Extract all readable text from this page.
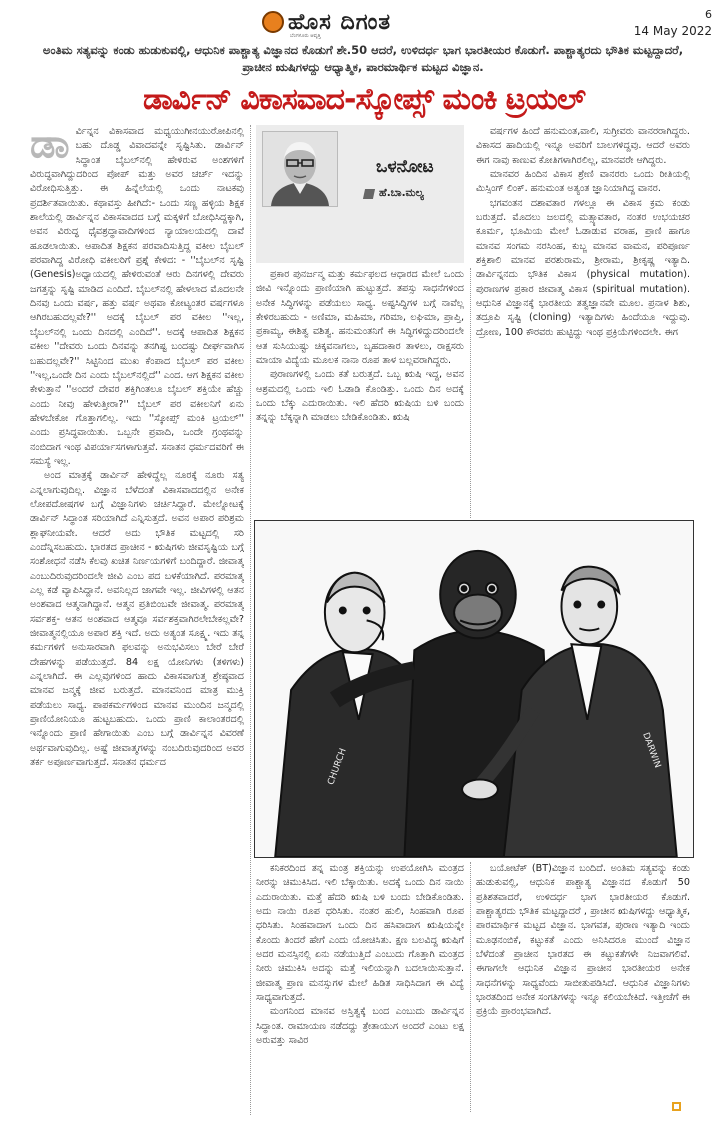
ಹೊಸ ದಿಗಂತ
ಬೆಂಗಳೂರು ಆವೃತ್ತಿ
6
14 May 2022
ಅಂತಿಮ ಸತ್ಯವನ್ನು ಕಂಡು ಹುಡುಕುವಲ್ಲಿ, ಆಧುನಿಕ ಪಾಶ್ಚಾತ್ಯ ವಿಜ್ಞಾನದ ಕೊಡುಗೆ ಶೇ.50 ಆದರೆ, ಉಳಿದರ್ಧ ಭಾಗ ಭಾರತೀಯರ ಕೊಡುಗೆ. ಪಾಶ್ಚಾತ್ಯರದು ಭೌತಿಕ ಮಟ್ಟದ್ದಾದರೆ, ಪ್ರಾಚೀನ ಋಷಿಗಳದ್ದು ಆಧ್ಯಾತ್ಮಿಕ, ಪಾರಮಾರ್ಥಿಕ ಮಟ್ಟದ ವಿಜ್ಞಾನ.
ಡಾರ್ವಿನ್ ವಿಕಾಸವಾದ-ಸ್ಕೋಪ್ಸ್ ಮಂಕಿ ಟ್ರಯಲ್
ಡಾ ರ್ವಿನ್ನನ ವಿಕಾಸವಾದ ಮಧ್ಯಯುಗೀನಯುರೋಪಿನಲ್ಲಿ ಬಹು ದೊಡ್ಡ ವಿವಾದವನ್ನೇ ಸೃಷ್ಟಿಸಿತು. ಡಾರ್ವಿನ್ ಸಿದ್ಧಾಂತ ಬೈಬಲ್‌ನಲ್ಲಿ ಹೇಳಿರುವ ಅಂಶಗಳಿಗೆ ವಿರುದ್ಧವಾಗಿದ್ದುದರಿಂದ ಪೋಪ್ ಮತ್ತು ಅವರ ಚರ್ಚ್ ಇದನ್ನು ವಿರೋಧಿಸುತ್ತಿತ್ತು. ಈ ಹಿನ್ನೆಲೆಯಲ್ಲಿ ಒಂದು ನಾಟಕವು ಪ್ರದರ್ಶಿತವಾಯಿತು. ಕಥಾವಸ್ತು ಹೀಗಿದೆ:- ಒಂದು ಸಣ್ಣ ಹಳ್ಳಿಯ ಶಿಕ್ಷಕ ಶಾಲೆಯಲ್ಲಿ ಡಾರ್ವಿನ್ನನ ವಿಕಾಸವಾದದ ಬಗ್ಗೆ ಮಕ್ಕಳಿಗೆ ಬೋಧಿಸಿದ್ದಕ್ಕಾಗಿ, ಅವನ ವಿರುದ್ಧ ಧೈವಶ್ರದ್ಧಾವಾದಿಗಳಿಂದ ನ್ಯಾಯಾಲಯದಲ್ಲಿ ದಾವೆ ಹೂಡಲಾಯಿತು. ಆಪಾದಿತ ಶಿಕ್ಷಕನ ಪರವಾದಿಸುತ್ತಿದ್ದ ವಕೀಲ ಬೈಬಲ್ ಪರವಾಗಿದ್ದ ವಿರೋಧಿ ವಕೀಲರಿಗೆ ಪ್ರಶ್ನೆ ಕೇಳಿದ: - ''ಬೈಬಲ್‌ನ ಸೃಷ್ಟಿ (Genesis)ಅಧ್ಯಾಯದಲ್ಲಿ ಹೇಳಿರುವಂತೆ ಆರು ದಿನಗಳಲ್ಲಿ ದೇವರು ಜಗತ್ತನ್ನು ಸೃಷ್ಟಿ ಮಾಡಿದ ಎಂದಿದೆ. ಬೈಬಲ್‌ನಲ್ಲಿ ಹೇಳಲಾದ ಮೊದಲನೇ ದಿನವು ಒಂದು ವರ್ಷ, ಹತ್ತು ವರ್ಷ ಅಥವಾ ಕೋಟ್ಯಂತರ ವರ್ಷಗಳೂ ಆಗಿರಬಹುದಲ್ಲವೇ?'' ಅದಕ್ಕೆ ಬೈಬಲ್ ಪರ ವಕೀಲ ''ಇಲ್ಲ, ಬೈಬಲ್‌ನಲ್ಲಿ ಒಂದು ದಿನದಲ್ಲಿ ಎಂದಿದೆ''. ಅದಕ್ಕೆ ಆಪಾದಿತ ಶಿಕ್ಷಕನ ವಕೀಲ ''ದೇವರು ಒಂದು ದಿನವನ್ನು ತನಗಿಷ್ಟ ಬಂದಷ್ಟು ದೀರ್ಘವಾಗಿಸ ಬಹುದಲ್ಲವೇ?'' ಸಿಟ್ಟಿನಿಂದ ಮುಖ ಕೆಂಪಾದ ಬೈಬಲ್ ಪರ ವಕೀಲ ''ಇಲ್ಲ,ಒಂದೇ ದಿನ ಎಂದು ಬೈಬಲ್‌ನಲ್ಲಿದೆ'' ಎಂದ. ಆಗ ಶಿಕ್ಷಕನ ವಕೀಲ ಕೇಳುತ್ತಾನೆ ''ಅಂದರೆ ದೇವರ ಶಕ್ತಿಗಿಂತಲೂ ಬೈಬಲ್ ಶಕ್ತಿಯೇ ಹೆಚ್ಚು ಎಂದು ನೀವು ಹೇಳುತ್ತೀರಾ?'' ಬೈಬಲ್ ಪರ ವಕೀಲನಿಗೆ ಏನು ಹೇಳಬೇಕೋ ಗೊತ್ತಾಗಲಿಲ್ಲ. ಇದು ''ಸ್ಕೋಪ್ಸ್ ಮಂಕಿ ಟ್ರಯಲ್'' ಎಂದು ಪ್ರಸಿದ್ಧವಾಯಿತು. ಒಬ್ಬನೇ ಪ್ರವಾದಿ, ಒಂದೇ ಗ್ರಂಥವನ್ನು ನಂಬಿದಾಗ ಇಂಥ ವಿಪರ್ಯಾಸಗಳಾಗುತ್ತವೆ. ಸನಾತನ ಧರ್ಮದವರಿಗೆ ಈ ಸಮಸ್ಯೆ ಇಲ್ಲ.

ಅಂದ ಮಾತ್ರಕ್ಕೆ ಡಾರ್ವಿನ್ ಹೇಳಿದ್ದೆಲ್ಲ ನೂರಕ್ಕೆ ನೂರು ಸತ್ಯ ಎನ್ನಲಾಗುವುದಿಲ್ಲ. ವಿಜ್ಞಾನ ಬೆಳೆದಂತೆ ವಿಕಾಸವಾದದಲ್ಲಿನ ಅನೇಕ ಲೋಪದೋಷಗಳ ಬಗ್ಗೆ ವಿಜ್ಞಾನಿಗಳು ಚರ್ಚಿಸಿದ್ದಾರೆ. ಮೇಲ್ನೋಟಕ್ಕೆ ಡಾರ್ವಿನ್ ಸಿದ್ಧಾಂತ ಸರಿಯಾಗಿದೆ ಎನ್ನಿಸುತ್ತದೆ. ಅವನ ಅಪಾರ ಪರಿಶ್ರಮ ಶ್ಲಾಘನೀಯವೇ. ಆದರೆ ಅದು ಭೌತಿಕ ಮಟ್ಟದಲ್ಲಿ ಸರಿ ಎಂದೆನ್ನಿಸಬಹುದು. ಭಾರತದ ಪ್ರಾಚೀನ - ಋಷಿಗಳು ಜೀವಸೃಷ್ಟಿಯ ಬಗ್ಗೆ ಸಂಶೋಧನೆ ನಡೆಸಿ ಕೆಲವು ಖಚಿತ ನಿರ್ಣಯಗಳಿಗೆ ಬಂದಿದ್ದಾರೆ. ಜೀವಾತ್ಮ ಎಂಬುದಿರುವುದರಿಂದಲೇ ಜೀವಿ ಎಂಬ ಪದ ಬಳಕೆಯಾಗಿದೆ. ಪರಮಾತ್ಮ ಎಲ್ಲ ಕಡೆ ವ್ಯಾಪಿಸಿದ್ದಾನೆ. ಅವನಿಲ್ಲದ ಜಾಗವೇ ಇಲ್ಲ. ಜೀವಿಗಳಲ್ಲಿ ಆತನ ಅಂಶವಾದ ಆತ್ಮನಾಗಿದ್ದಾನೆ. ಆತ್ಮನ ಪ್ರತಿಬಿಂಬವೇ ಜೀವಾತ್ಮ. ಪರಮಾತ್ಮ ಸರ್ವಶಕ್ತ- ಆತನ ಅಂಶವಾದ ಆತ್ಮವೂ ಸರ್ವಶಕ್ತವಾಗಿರಲೇಬೇಕಲ್ಲವೇ? ಜೀವಾತ್ಮನಲ್ಲಿಯೂ ಅಪಾರ ಶಕ್ತಿ ಇದೆ. ಅದು ಅತ್ಯಂತ ಸೂಕ್ಷ್ಮ. ಇದು ತನ್ನ ಕರ್ಮಗಳಿಗೆ ಅನುಸಾರವಾಗಿ ಫಲವನ್ನು ಅನುಭವಿಸಲು ಬೇರೆ ಬೇರೆ ದೇಹಗಳನ್ನು ಪಡೆಯುತ್ತದೆ. 84 ಲಕ್ಷ ಯೋನಿಗಳು (ತಳಿಗಳು) ಎನ್ನಲಾಗಿದೆ. ಈ ಎಲ್ಲವುಗಳಿಂದ ಹಾದು ವಿಕಾಸವಾಗುತ್ತ ಶ್ರೇಷ್ಠವಾದ ಮಾನವ ಜನ್ಮಕ್ಕೆ ಜೀವ ಬರುತ್ತದೆ. ಮಾನವನಿಂದ ಮಾತ್ರ ಮುಕ್ತಿ ಪಡೆಯಲು ಸಾಧ್ಯ. ಪಾಪಕರ್ಮಗಳಿಂದ ಮಾನವ ಮುಂದಿನ ಜನ್ಮದಲ್ಲಿ ಪ್ರಾಣಿಯೋನಿಯೂ ಹುಟ್ಟಬಹುದು. ಒಂದು ಪ್ರಾಣಿ ಕಾಲಾಂತರದಲ್ಲಿ ಇನ್ನೊಂದು ಪ್ರಾಣಿ ಹೇಗಾಯಿತು ಎಂಬ ಬಗ್ಗೆ ಡಾರ್ವಿನ್ನನ ವಿವರಣೆ ಅರ್ಥವಾಗುವುದಿಲ್ಲ. ಅಷ್ಟೆ ಜೀವಾತ್ಮಗಳನ್ನು ನಂಬದಿರುವುದರಿಂದ ಅವರ ತರ್ಕ ಅಪೂರ್ಣವಾಗುತ್ತದೆ. ಸನಾತನ ಧರ್ಮದ

ಒಳನೋಟ
ಹೆ.ಬಾ.ಮಲ್ಯ

ಪ್ರಕಾರ ಪುನರ್ಜನ್ಮ ಮತ್ತು ಕರ್ಮಫಲದ ಆಧಾರದ ಮೇಲೆ ಒಂದು ಜೀವಿ ಇನ್ನೊಂದು ಪ್ರಾಣಿಯಾಗಿ ಹುಟ್ಟುತ್ತದೆ. ತಪಸ್ಸು ಸಾಧನೆಗಳಿಂದ ಅನೇಕ ಸಿದ್ಧಿಗಳನ್ನು ಪಡೆಯಲು ಸಾಧ್ಯ. ಅಷ್ಟಸಿದ್ಧಿಗಳ ಬಗ್ಗೆ ನಾವೆಲ್ಲ ಕೇಳಿರಬಹುದು - ಅಣಿಮಾ, ಮಹಿಮಾ, ಗರಿಮಾ, ಲಘಿಮಾ, ಪ್ರಾಪ್ತಿ, ಪ್ರಕಾಮ್ಯ, ಈಶಿತ್ವ ವಶಿತ್ವ. ಹನುಮಂತನಿಗೆ ಈ ಸಿದ್ಧಿಗಳಿದ್ದುದರಿಂದಲೇ ಆತ ಸುಸಿಯುಷ್ಟು ಚಿಕ್ಕವನಾಗಲು, ಬೃಹದಾಕಾರ ತಾಳಲು, ರಾಕ್ಷಸರು ಮಾಯಾ ವಿದ್ಯೆಯ ಮೂಲಕ ನಾನಾ ರೂಪ ತಾಳ ಬಲ್ಲವರಾಗಿದ್ದರು.

ಪುರಾಣಗಳಲ್ಲಿ ಒಂದು ಕತೆ ಬರುತ್ತದೆ. ಒಬ್ಬ ಋಷಿ ಇದ್ದ, ಅವನ ಆಶ್ರಮದಲ್ಲಿ ಒಂದು ಇಲಿ ಓಡಾಡಿ ಕೊಂಡಿತ್ತು. ಒಂದು ದಿನ ಅದಕ್ಕೆ ಒಂದು ಬೆಕ್ಕು ಎದುರಾಯಿತು. ಇಲಿ ಹೆದರಿ ಋಷಿಯ ಬಳಿ ಬಂದು ತನ್ನನ್ನು ಬೆಕ್ಕನ್ನಾಗಿ ಮಾಡಲು ಬೇಡಿಕೊಂಡಿತು. ಋಷಿ

ವರ್ಷಗಳ ಹಿಂದೆ ಹನುಮಂತ,ವಾಲಿ, ಸುಗ್ರೀವರು ವಾನರರಾಗಿದ್ದರು. ವಿಕಾಸದ ಹಾದಿಯಲ್ಲಿ ಇನ್ನೂ ಅವರಿಗೆ ಬಾಲಗಳಿದ್ದವು. ಆದರೆ ಅವರು ಈಗ ನಾವು ಕಾಣುವ ಕೋತಿಗಳಾಗಿರಲಿಲ್ಲ, ಮಾನವರೇ ಆಗಿದ್ದರು.

ಮಾನವರ ಹಿಂದಿನ ವಿಕಾಸ ಶ್ರೇಣಿ ವಾನರರು ಒಂದು ರೀತಿಯಲ್ಲಿ ಮಿಸ್ಸಿಂಗ್ ಲಿಂಕ್. ಹನುಮಂತ ಅತ್ಯಂತ ಜ್ಞಾನಿಯಾಗಿದ್ದ ವಾನರ.

ಭಗವಂತನ ದಶಾವತಾರ ಗಳಲ್ಲೂ ಈ ವಿಕಾಸ ಕ್ರಮ ಕಂಡು ಬರುತ್ತದೆ. ಮೊದಲು ಜಲದಲ್ಲಿ ಮತ್ಸ್ಯಾವತಾರ, ನಂತರ ಉಭಯಚರ ಕೂರ್ಮ, ಭೂಮಿಯ ಮೇಲೆ ಓಡಾಡುವ ವರಾಹ, ಪ್ರಾಣಿ ಹಾಗೂ ಮಾನವ ಸಂಗಮ ನರಸಿಂಹ, ಕುಬ್ಜ ಮಾನವ ವಾಮನ, ಪರಿಪೂರ್ಣ ಶಕ್ತಿಶಾಲಿ ಮಾನವ ಪರಶುರಾಮ, ಶ್ರೀರಾಮ, ಶ್ರೀಕೃಷ್ಣ ಇತ್ಯಾದಿ. ಡಾರ್ವಿನ್ನನದು ಭೌತಿಕ ವಿಕಾಸ (physical mutation). ಪುರಾಣಗಳ ಪ್ರಕಾರ ಜೀವಾತ್ಮ ವಿಕಾಸ (spiritual mutation). ಆಧುನಿಕ ವಿಜ್ಞಾನಕ್ಕೆ ಭಾರತೀಯ ತತ್ವಜ್ಞಾನವೇ ಮೂಲ. ಪ್ರನಾಳ ಶಿಶು, ತದ್ರೂಪಿ ಸೃಷ್ಟಿ (cloning) ಇತ್ಯಾದಿಗಳು ಹಿಂದೆಯೂ ಇದ್ದುವು. ದ್ರೋಣ, 100 ಕೌರವರು ಹುಟ್ಟಿದ್ದು ಇಂಥ ಪ್ರಕ್ರಿಯೆಗಳಿಂದಲೇ. ಈಗ

CHURCH	DARWIN

ಕನಿಕರದಿಂದ ತನ್ನ ಮಂತ್ರ ಶಕ್ತಿಯನ್ನು ಉಪಯೋಗಿಸಿ ಮಂತ್ರದ ನೀರನ್ನು ಚಿಮುಕಿಸಿದ. ಇಲಿ ಬೆಕ್ಕಾಯಿತು. ಅದಕ್ಕೆ ಒಂದು ದಿನ ನಾಯಿ ಎದುರಾಯಿತು. ಮತ್ತೆ ಹೆದರಿ ಋಷಿ ಬಳಿ ಬಂದು ಬೇಡಿಕೊಂಡಿತು. ಅದು ನಾಯಿ ರೂಪ ಧರಿಸಿತು. ನಂತರ ಹುಲಿ, ಸಿಂಹವಾಗಿ ರೂಪ ಧರಿಸಿತು. ಸಿಂಹವಾದಾಗ ಒಂದು ದಿನ ಹಸಿವಾದಾಗ ಋಷಿಯನ್ನೇ ಕೊಂದು ತಿಂದರೆ ಹೇಗೆ ಎಂದು ಯೋಚಿಸಿತು. ಕ್ಷಣ ಬಲವಿದ್ದ ಋಷಿಗೆ ಅದರ ಮನಸ್ಸಿನಲ್ಲಿ ಏನು ನಡೆಯುತ್ತಿದೆ ಎಂಬುದು ಗೊತ್ತಾಗಿ ಮಂತ್ರದ ನೀರು ಚಿಮುಕಿಸಿ ಅದನ್ನು ಮತ್ತೆ ಇಲಿಯನ್ನಾಗಿ ಬದಲಾಯಿಸುತ್ತಾನೆ. ಜೀವಾತ್ಮ ಪ್ರಾಣ ಮನಸ್ಸುಗಳ ಮೇಲೆ ಹಿಡಿತ ಸಾಧಿಸಿದಾಗ ಈ ವಿದ್ಯೆ ಸಾಧ್ಯವಾಗುತ್ತದೆ.

ಮಂಗನಿಂದ ಮಾನವ ಅಸ್ತಿತ್ವಕ್ಕೆ ಬಂದ ಎಂಬುದು ಡಾರ್ವಿನ್ನನ ಸಿದ್ಧಾಂತ. ರಾಮಾಯಣ ನಡೆದದ್ದು ತ್ರೇತಾಯುಗ ಅಂದರೆ ಎಂಟು ಲಕ್ಷ ಅರುವತ್ತು ಸಾವಿರ

ಬಯೋಟೆಕ್ (BT)ವಿಜ್ಞಾನ ಬಂದಿದೆ. ಅಂತಿಮ ಸತ್ಯವನ್ನು ಕಂಡು ಹುಡುಕುವಲ್ಲಿ, ಆಧುನಿಕ ಪಾಶ್ಚಾತ್ಯ ವಿಜ್ಞಾನದ ಕೊಡುಗೆ 50 ಪ್ರತಿಶತವಾದರೆ, ಉಳಿದರ್ಧ ಭಾಗ ಭಾರತೀಯರ ಕೊಡುಗೆ. ಪಾಶ್ಚಾತ್ಯರದು ಭೌತಿಕ ಮಟ್ಟದ್ದಾದರೆ , ಪ್ರಾಚೀನ ಋಷಿಗಳದ್ದು ಆಧ್ಯಾತ್ಮಿಕ, ಪಾರಮಾರ್ಥಿಕ ಮಟ್ಟದ ವಿಜ್ಞಾನ. ಭಾಗವತ, ಪುರಾಣ ಇತ್ಯಾದಿ ಇಂದು ಮೂಢನಂಬಿಕೆ, ಕಟ್ಟುಕತೆ ಎಂದು ಅನಿಸಿದರೂ ಮುಂದೆ ವಿಜ್ಞಾನ ಬೆಳೆದಂತೆ ಪ್ರಾಚೀನ ಭಾರತದ ಈ ಕಟ್ಟುಕತೆಗಳೇ ನಿಜವಾಗಲಿವೆ. ಈಗಾಗಲೇ ಆಧುನಿಕ ವಿಜ್ಞಾನ ಪ್ರಾಚೀನ ಭಾರತೀಯರ ಅನೇಕ ಸಾಧನೆಗಳನ್ನು ಸಾಧ್ಯವೆಂದು ಸಾಬೀತುಪಡಿಸಿದೆ. ಆಧುನಿಕ ವಿಜ್ಞಾನಿಗಳು ಭಾರತದಿಂದ ಅನೇಕ ಸಂಗತಿಗಳನ್ನು ಇನ್ನೂ ಕಲಿಯಬೇಕಿದೆ. ಇತ್ತೀಚೆಗೆ ಈ ಪ್ರಕ್ರಿಯೆ ಪ್ರಾರಂಭವಾಗಿದೆ.
